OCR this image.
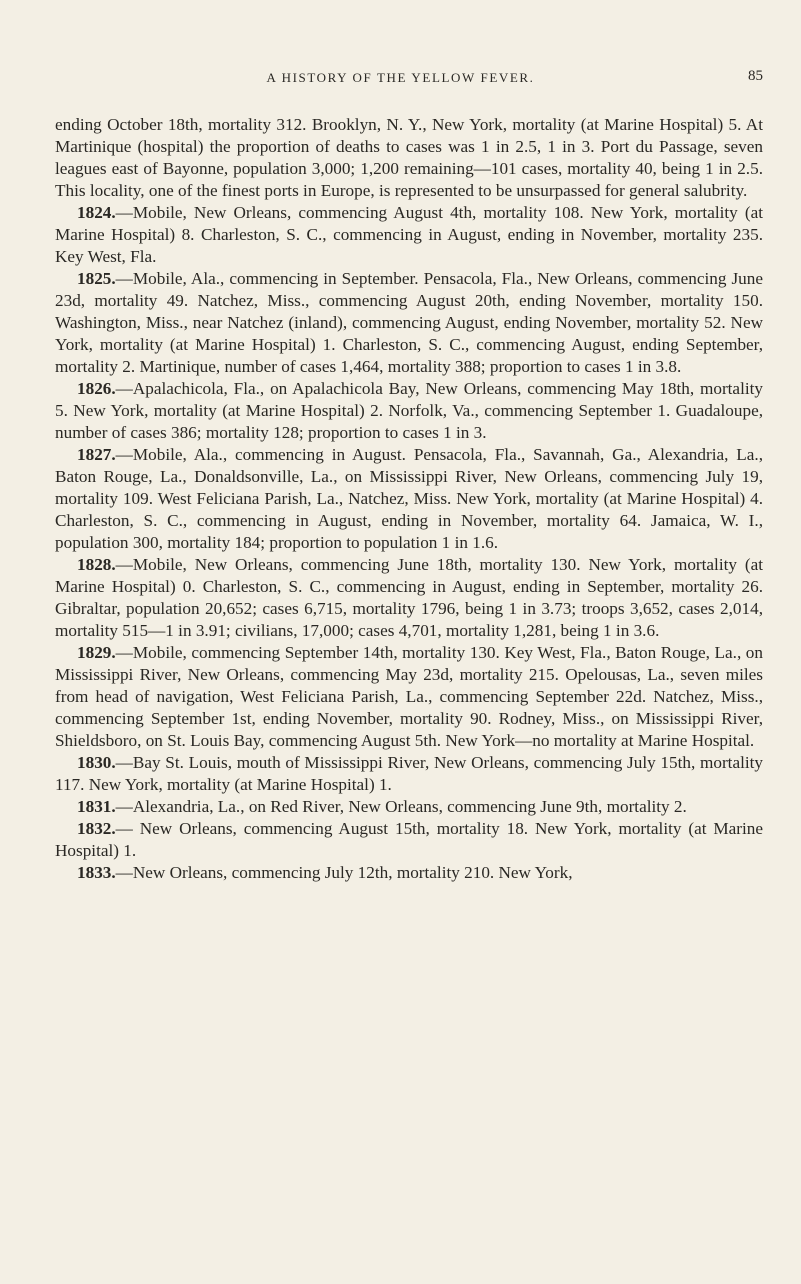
A HISTORY OF THE YELLOW FEVER.	85

ending October 18th, mortality 312. Brooklyn, N. Y., New York, mortality (at Marine Hospital) 5. At Martinique (hospital) the proportion of deaths to cases was 1 in 2.5, 1 in 3. Port du Passage, seven leagues east of Bayonne, population 3,000; 1,200 remaining—101 cases, mortality 40, being 1 in 2.5. This locality, one of the finest ports in Europe, is represented to be unsurpassed for general salubrity.

1824.—Mobile, New Orleans, commencing August 4th, mortality 108. New York, mortality (at Marine Hospital) 8. Charleston, S. C., commencing in August, ending in November, mortality 235. Key West, Fla.

1825.—Mobile, Ala., commencing in September. Pensacola, Fla., New Orleans, commencing June 23d, mortality 49. Natchez, Miss., commencing August 20th, ending November, mortality 150. Washington, Miss., near Natchez (inland), commencing August, ending November, mortality 52. New York, mortality (at Marine Hospital) 1. Charleston, S. C., commencing August, ending September, mortality 2. Martinique, number of cases 1,464, mortality 388; proportion to cases 1 in 3.8.

1826.—Apalachicola, Fla., on Apalachicola Bay, New Orleans, commencing May 18th, mortality 5. New York, mortality (at Marine Hospital) 2. Norfolk, Va., commencing September 1. Guadaloupe, number of cases 386; mortality 128; proportion to cases 1 in 3.

1827.—Mobile, Ala., commencing in August. Pensacola, Fla., Savannah, Ga., Alexandria, La., Baton Rouge, La., Donaldsonville, La., on Mississippi River, New Orleans, commencing July 19, mortality 109. West Feliciana Parish, La., Natchez, Miss. New York, mortality (at Marine Hospital) 4. Charleston, S. C., commencing in August, ending in November, mortality 64. Jamaica, W. I., population 300, mortality 184; proportion to population 1 in 1.6.

1828.—Mobile, New Orleans, commencing June 18th, mortality 130. New York, mortality (at Marine Hospital) 0. Charleston, S. C., commencing in August, ending in September, mortality 26. Gibraltar, population 20,652; cases 6,715, mortality 1796, being 1 in 3.73; troops 3,652, cases 2,014, mortality 515—1 in 3.91; civilians, 17,000; cases 4,701, mortality 1,281, being 1 in 3.6.

1829.—Mobile, commencing September 14th, mortality 130. Key West, Fla., Baton Rouge, La., on Mississippi River, New Orleans, commencing May 23d, mortality 215. Opelousas, La., seven miles from head of navigation, West Feliciana Parish, La., commencing September 22d. Natchez, Miss., commencing September 1st, ending November, mortality 90. Rodney, Miss., on Mississippi River, Shieldsboro, on St. Louis Bay, commencing August 5th. New York—no mortality at Marine Hospital.

1830.—Bay St. Louis, mouth of Mississippi River, New Orleans, commencing July 15th, mortality 117. New York, mortality (at Marine Hospital) 1.

1831.—Alexandria, La., on Red River, New Orleans, commencing June 9th, mortality 2.

1832.— New Orleans, commencing August 15th, mortality 18. New York, mortality (at Marine Hospital) 1.

1833.—New Orleans, commencing July 12th, mortality 210. New York,
